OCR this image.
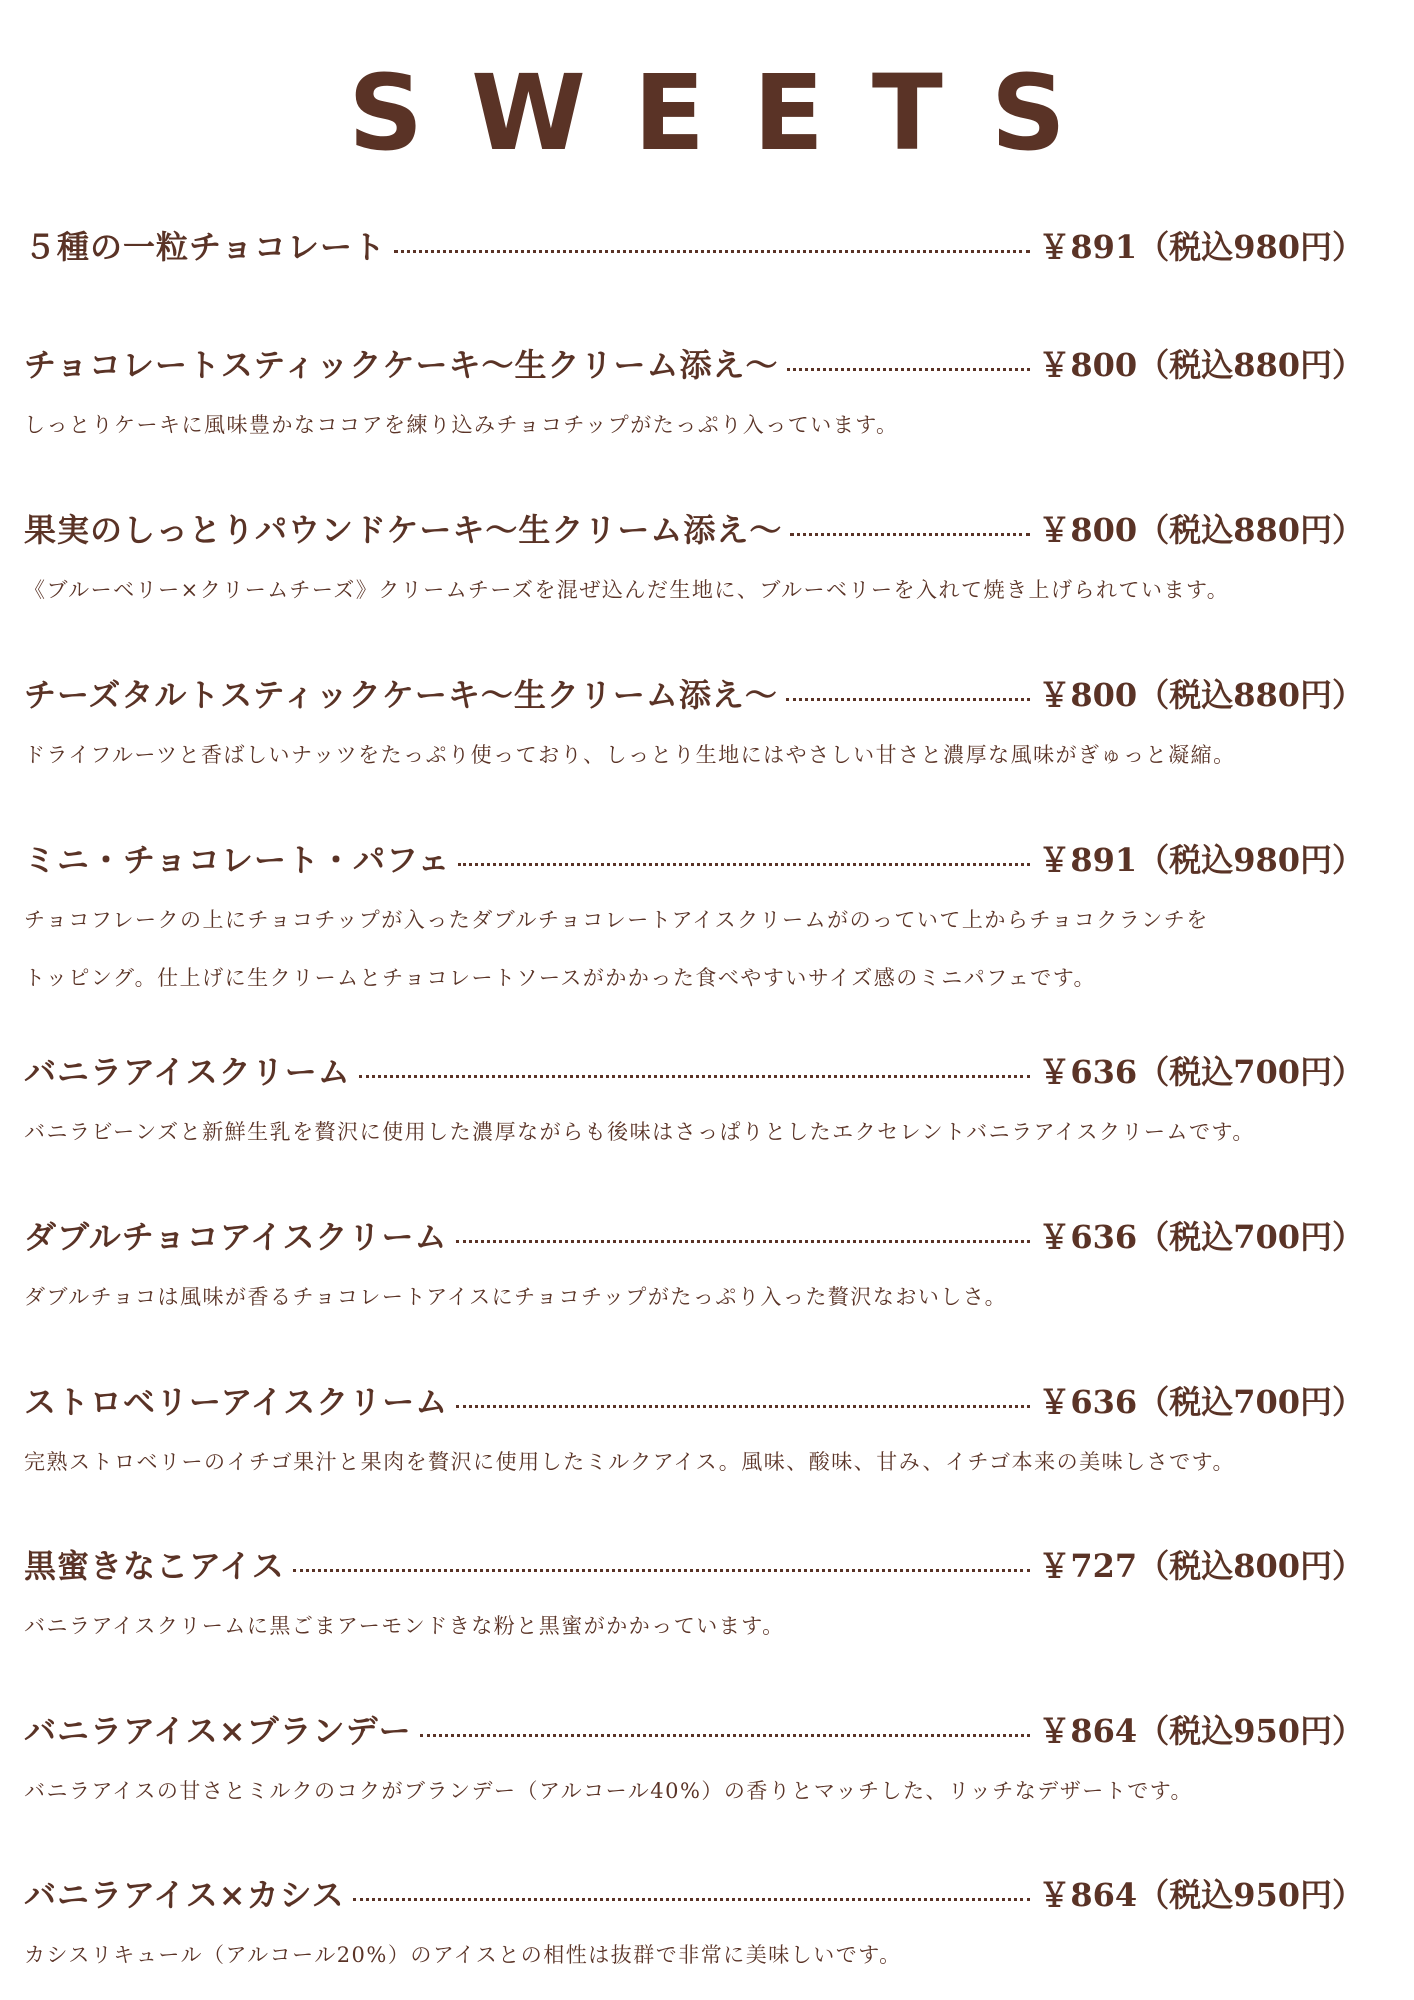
SWEETS
５種の一粒チョコレート	￥891（税込980円）
チョコレートスティックケーキ〜生クリーム添え〜	￥800（税込880円）
しっとりケーキに風味豊かなココアを練り込みチョコチップがたっぷり入っています。
果実のしっとりパウンドケーキ〜生クリーム添え〜	￥800（税込880円）
《ブルーベリー×クリームチーズ》クリームチーズを混ぜ込んだ生地に、ブルーベリーを入れて焼き上げられています。
チーズタルトスティックケーキ〜生クリーム添え〜	￥800（税込880円）
ドライフルーツと香ばしいナッツをたっぷり使っており、しっとり生地にはやさしい甘さと濃厚な風味がぎゅっと凝縮。
ミニ・チョコレート・パフェ	￥891（税込980円）
チョコフレークの上にチョコチップが入ったダブルチョコレートアイスクリームがのっていて上からチョコクランチを
トッピング。仕上げに生クリームとチョコレートソースがかかった食べやすいサイズ感のミニパフェです。
バニラアイスクリーム	￥636（税込700円）
バニラビーンズと新鮮生乳を贅沢に使用した濃厚ながらも後味はさっぱりとしたエクセレントバニラアイスクリームです。
ダブルチョコアイスクリーム	￥636（税込700円）
ダブルチョコは風味が香るチョコレートアイスにチョコチップがたっぷり入った贅沢なおいしさ。
ストロベリーアイスクリーム	￥636（税込700円）
完熟ストロベリーのイチゴ果汁と果肉を贅沢に使用したミルクアイス。風味、酸味、甘み、イチゴ本来の美味しさです。
黒蜜きなこアイス	￥727（税込800円）
バニラアイスクリームに黒ごまアーモンドきな粉と黒蜜がかかっています。
バニラアイス×ブランデー	￥864（税込950円）
バニラアイスの甘さとミルクのコクがブランデー（アルコール40%）の香りとマッチした、リッチなデザートです。
バニラアイス×カシス	￥864（税込950円）
カシスリキュール（アルコール20%）のアイスとの相性は抜群で非常に美味しいです。
